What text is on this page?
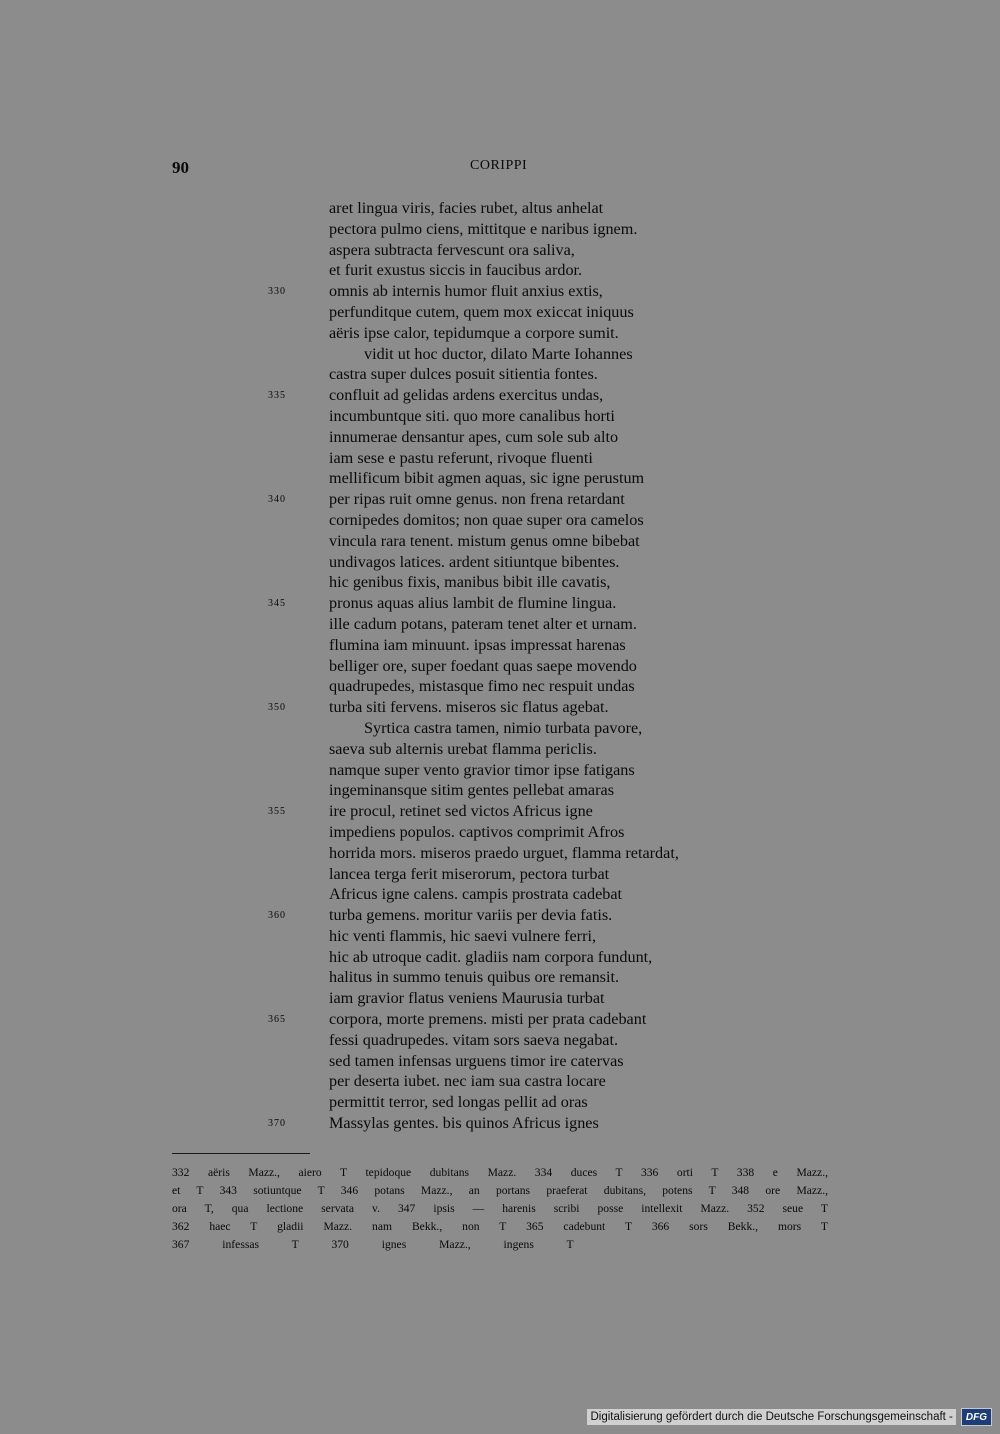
90	CORIPPI
aret lingua viris, facies rubet, altus anhelat
pectora pulmo ciens, mittitque e naribus ignem.
aspera subtracta fervescunt ora saliva,
et furit exustus siccis in faucibus ardor.
330	omnis ab internis humor fluit anxius extis,
perfunditque cutem, quem mox exiccat iniquus
aëris ipse calor, tepidumque a corpore sumit.
vidit ut hoc ductor, dilato Marte Iohannes
castra super dulces posuit sitientia fontes.
335	confluit ad gelidas ardens exercitus undas,
incumbuntque siti. quo more canalibus horti
innumerae densantur apes, cum sole sub alto
iam sese e pastu referunt, rivoque fluenti
mellificum bibit agmen aquas, sic igne perustum
340	per ripas ruit omne genus. non frena retardant
cornipedes domitos; non quae super ora camelos
vincula rara tenent. mistum genus omne bibebat
undivagos latices. ardent sitiuntque bibentes.
hic genibus fixis, manibus bibit ille cavatis,
345	pronus aquas alius lambit de flumine lingua.
ille cadum potans, pateram tenet alter et urnam.
flumina iam minuunt. ipsas impressat harenas
belliger ore, super foedant quas saepe movendo
quadrupedes, mistasque fimo nec respuit undas
350	turba siti fervens. miseros sic flatus agebat.
Syrtica castra tamen, nimio turbata pavore,
saeva sub alternis urebat flamma periclis.
namque super vento gravior timor ipse fatigans
ingeminansque sitim gentes pellebat amaras
355	ire procul, retinet sed victos Africus igne
impediens populos. captivos comprimit Afros
horrida mors. miseros praedo urguet, flamma retardat,
lancea terga ferit miserorum, pectora turbat
Africus igne calens. campis prostrata cadebat
360	turba gemens. moritur variis per devia fatis.
hic venti flammis, hic saevi vulnere ferri,
hic ab utroque cadit. gladiis nam corpora fundunt,
halitus in summo tenuis quibus ore remansit.
iam gravior flatus veniens Maurusia turbat
365	corpora, morte premens. misti per prata cadebant
fessi quadrupedes. vitam sors saeva negabat.
sed tamen infensas urguens timor ire catervas
per deserta iubet. nec iam sua castra locare
permittit terror, sed longas pellit ad oras
370	Massylas gentes. bis quinos Africus ignes
332 aëris Mazz., aiero T tepidoque dubitans Mazz. 334 duces T 336 orti T 338 e Mazz.,
et T 343 sotiuntque T 346 potans Mazz., an portans praeferat dubitans, potens T 348 ore Mazz.,
ora T, qua lectione servata v. 347 ipsis — harenis scribi posse intellexit Mazz. 352 seue T
362 haec T gladii Mazz. nam Bekk., non T 365 cadebunt T 366 sors Bekk., mors T
367 infessas T 370 ignes Mazz., ingens T
Digitalisierung gefördert durch die Deutsche Forschungsgemeinschaft -	DFG
